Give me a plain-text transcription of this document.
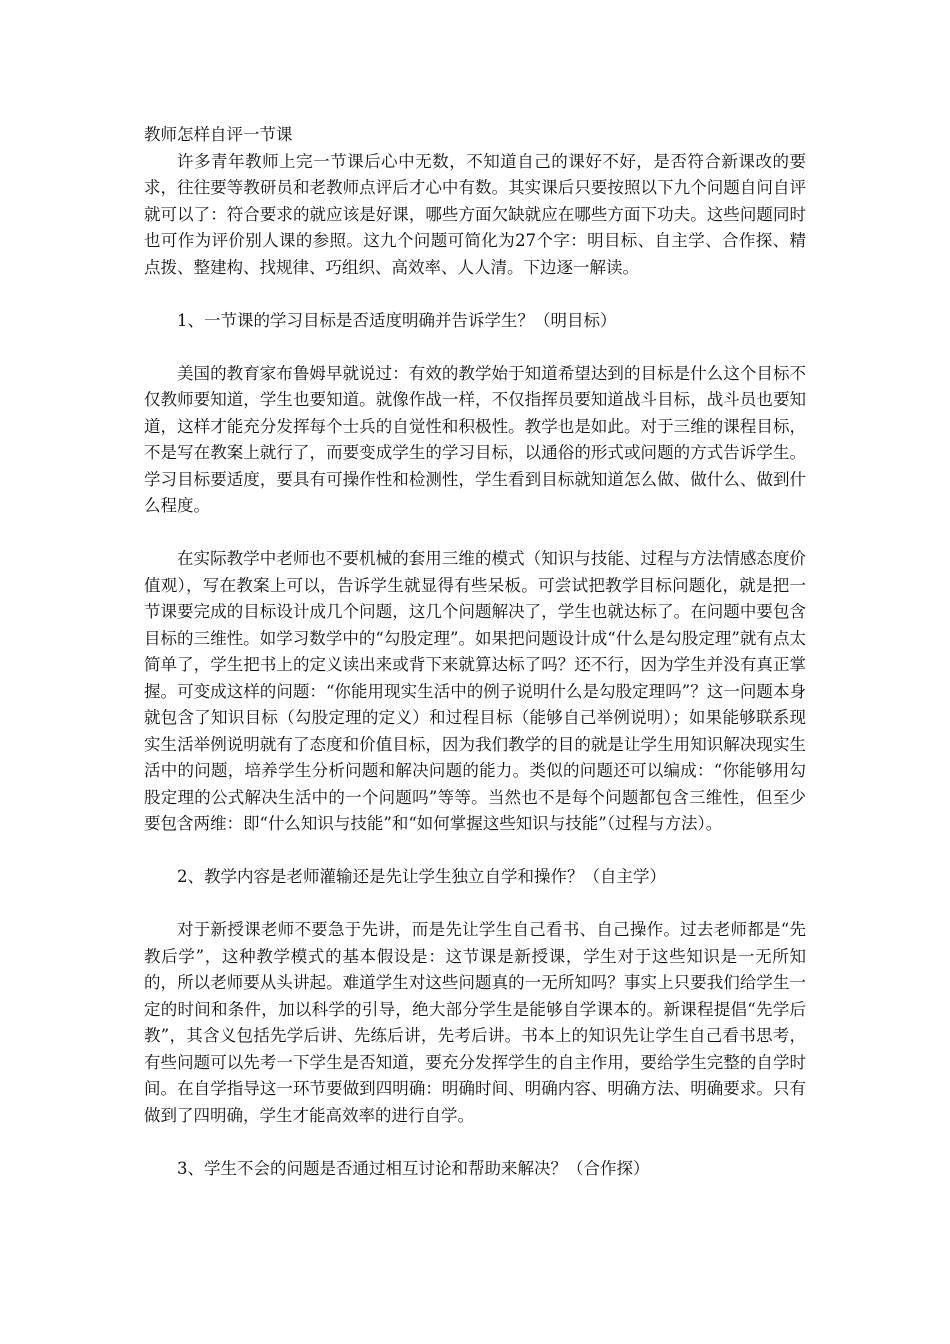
教师怎样自评一节课

许多青年教师上完一节课后心中无数，不知道自己的课好不好，是否符合新课改的要求，往往要等教研员和老教师点评后才心中有数。其实课后只要按照以下九个问题自问自评就可以了：符合要求的就应该是好课，哪些方面欠缺就应在哪些方面下功夫。这些问题同时也可作为评价别人课的参照。这九个问题可简化为27个字：明目标、自主学、合作探、精点拨、整建构、找规律、巧组织、高效率、人人清。下边逐一解读。

1、一节课的学习目标是否适度明确并告诉学生？（明目标）

美国的教育家布鲁姆早就说过：有效的教学始于知道希望达到的目标是什么这个目标不仅教师要知道，学生也要知道。就像作战一样，不仅指挥员要知道战斗目标，战斗员也要知道，这样才能充分发挥每个士兵的自觉性和积极性。教学也是如此。对于三维的课程目标，不是写在教案上就行了，而要变成学生的学习目标，以通俗的形式或问题的方式告诉学生。学习目标要适度，要具有可操作性和检测性，学生看到目标就知道怎么做、做什么、做到什么程度。

在实际教学中老师也不要机械的套用三维的模式（知识与技能、过程与方法情感态度价值观），写在教案上可以，告诉学生就显得有些呆板。可尝试把教学目标问题化，就是把一节课要完成的目标设计成几个问题，这几个问题解决了，学生也就达标了。在问题中要包含目标的三维性。如学习数学中的“勾股定理”。如果把问题设计成“什么是勾股定理”就有点太简单了，学生把书上的定义读出来或背下来就算达标了吗？还不行，因为学生并没有真正掌握。可变成这样的问题：“你能用现实生活中的例子说明什么是勾股定理吗”？这一问题本身就包含了知识目标（勾股定理的定义）和过程目标（能够自己举例说明）；如果能够联系现实生活举例说明就有了态度和价值目标，因为我们教学的目的就是让学生用知识解决现实生活中的问题，培养学生分析问题和解决问题的能力。类似的问题还可以编成：“你能够用勾股定理的公式解决生活中的一个问题吗”等等。当然也不是每个问题都包含三维性，但至少要包含两维：即“什么知识与技能”和“如何掌握这些知识与技能”（过程与方法）。

2、教学内容是老师灌输还是先让学生独立自学和操作？（自主学）

对于新授课老师不要急于先讲，而是先让学生自己看书、自己操作。过去老师都是“先教后学”，这种教学模式的基本假设是：这节课是新授课，学生对于这些知识是一无所知的，所以老师要从头讲起。难道学生对这些问题真的一无所知吗？事实上只要我们给学生一定的时间和条件，加以科学的引导，绝大部分学生是能够自学课本的。新课程提倡“先学后教”，其含义包括先学后讲、先练后讲，先考后讲。书本上的知识先让学生自己看书思考，有些问题可以先考一下学生是否知道，要充分发挥学生的自主作用，要给学生完整的自学时间。在自学指导这一环节要做到四明确：明确时间、明确内容、明确方法、明确要求。只有做到了四明确，学生才能高效率的进行自学。

3、学生不会的问题是否通过相互讨论和帮助来解决？（合作探）
